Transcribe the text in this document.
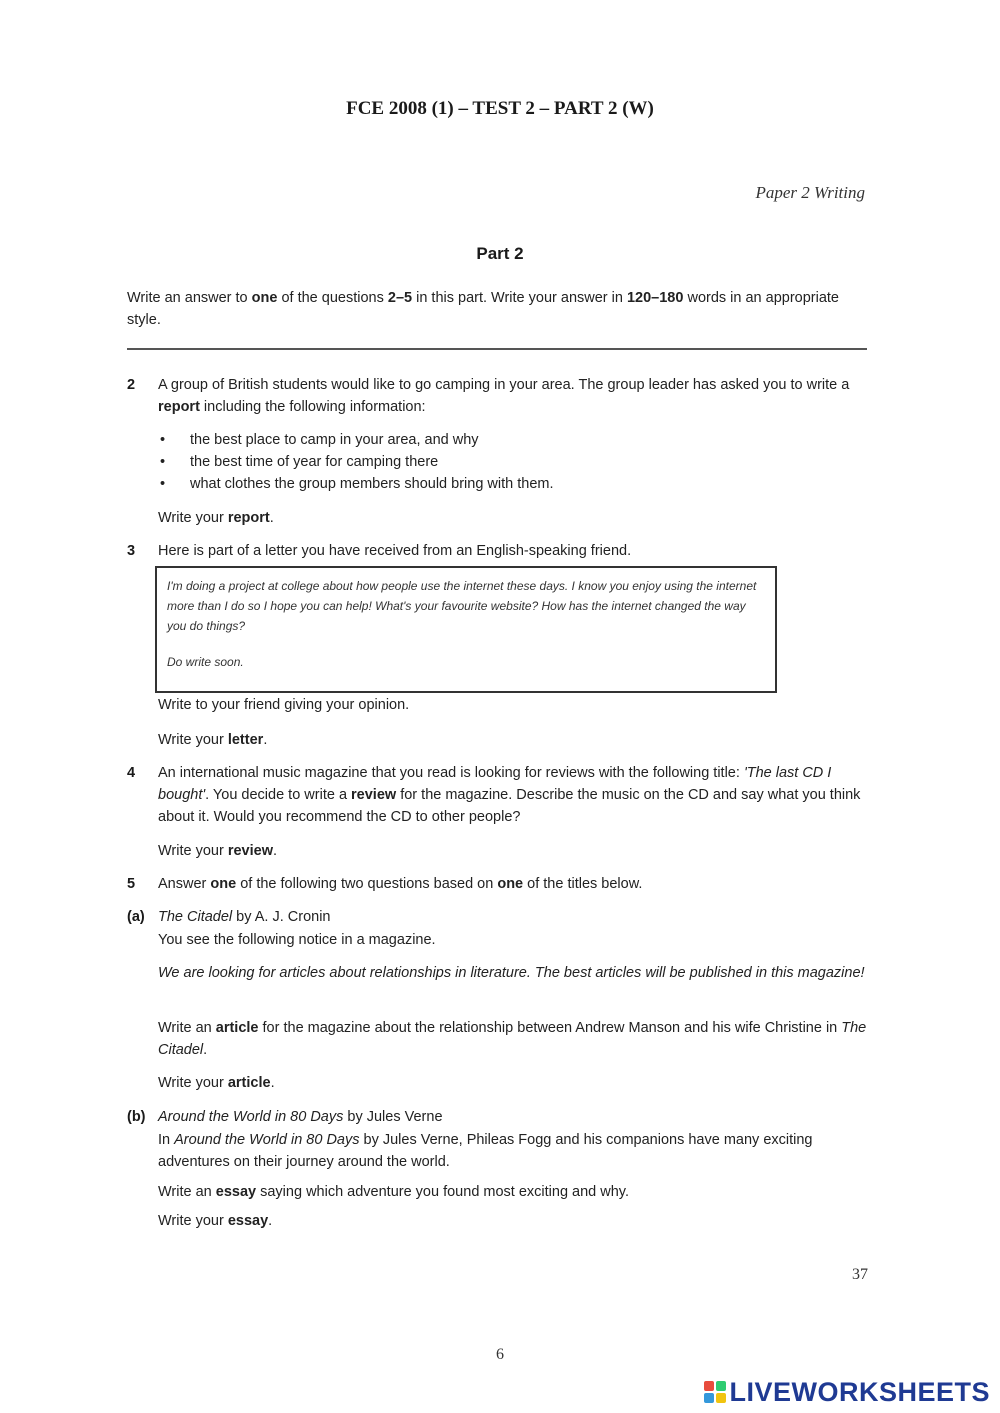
FCE 2008 (1) – TEST 2 – PART 2 (W)
Paper 2 Writing
Part 2
Write an answer to one of the questions 2–5 in this part. Write your answer in 120–180 words in an appropriate style.
2 A group of British students would like to go camping in your area. The group leader has asked you to write a report including the following information:
• the best place to camp in your area, and why
• the best time of year for camping there
• what clothes the group members should bring with them.
Write your report.
3 Here is part of a letter you have received from an English-speaking friend.

I'm doing a project at college about how people use the internet these days. I know you enjoy using the internet more than I do so I hope you can help! What's your favourite website? How has the internet changed the way you do things?

Do write soon.

Write to your friend giving your opinion.
Write your letter.
4 An international music magazine that you read is looking for reviews with the following title: 'The last CD I bought'. You decide to write a review for the magazine. Describe the music on the CD and say what you think about it. Would you recommend the CD to other people?
Write your review.
5 Answer one of the following two questions based on one of the titles below.
(a) The Citadel by A. J. Cronin
You see the following notice in a magazine.
We are looking for articles about relationships in literature. The best articles will be published in this magazine!
Write an article for the magazine about the relationship between Andrew Manson and his wife Christine in The Citadel.
Write your article.
(b) Around the World in 80 Days by Jules Verne
In Around the World in 80 Days by Jules Verne, Phileas Fogg and his companions have many exciting adventures on their journey around the world.
Write an essay saying which adventure you found most exciting and why.
Write your essay.
37
6
LIVEWORKSHEETS
